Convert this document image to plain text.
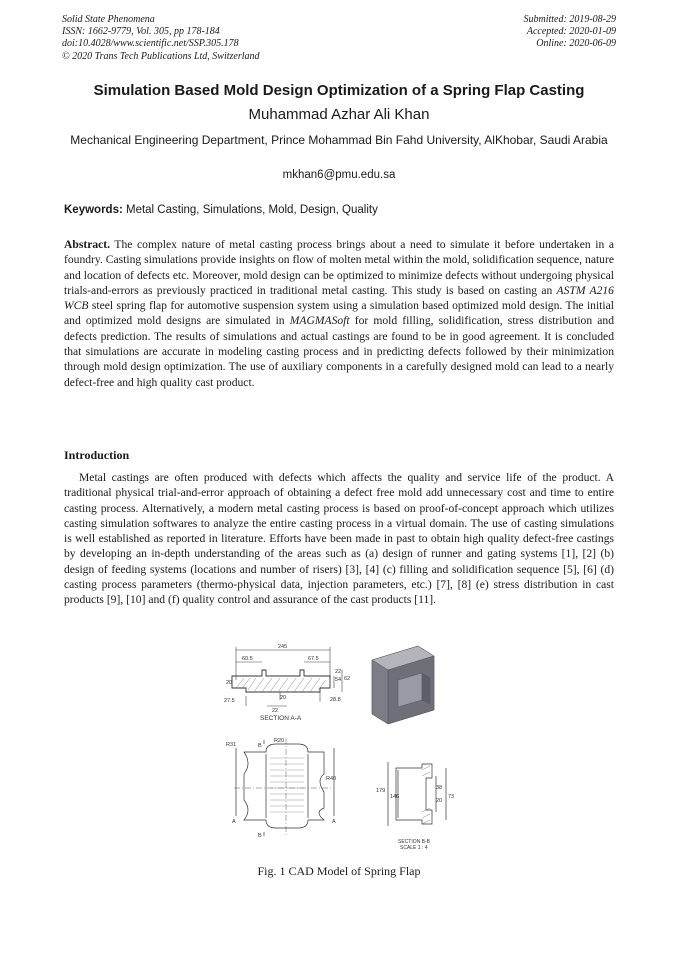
Solid State Phenomena
ISSN: 1662-9779, Vol. 305, pp 178-184
doi:10.4028/www.scientific.net/SSP.305.178
© 2020 Trans Tech Publications Ltd, Switzerland
Submitted: 2019-08-29
Accepted: 2020-01-09
Online: 2020-06-09
Simulation Based Mold Design Optimization of a Spring Flap Casting
Muhammad Azhar Ali Khan
Mechanical Engineering Department, Prince Mohammad Bin Fahd University, AlKhobar, Saudi Arabia
mkhan6@pmu.edu.sa
Keywords: Metal Casting, Simulations, Mold, Design, Quality
Abstract. The complex nature of metal casting process brings about a need to simulate it before undertaken in a foundry. Casting simulations provide insights on flow of molten metal within the mold, solidification sequence, nature and location of defects etc. Moreover, mold design can be optimized to minimize defects without undergoing physical trials-and-errors as previously practiced in traditional metal casting. This study is based on casting an ASTM A216 WCB steel spring flap for automotive suspension system using a simulation based optimized mold design. The initial and optimized mold designs are simulated in MAGMASoft for mold filling, solidification, stress distribution and defects prediction. The results of simulations and actual castings are found to be in good agreement. It is concluded that simulations are accurate in modeling casting process and in predicting defects followed by their minimization through mold design optimization. The use of auxiliary components in a carefully designed mold can lead to a nearly defect-free and high quality cast product.
Introduction
Metal castings are often produced with defects which affects the quality and service life of the product. A traditional physical trial-and-error approach of obtaining a defect free mold add unnecessary cost and time to entire casting process. Alternatively, a modern metal casting process is based on proof-of-concept approach which utilizes casting simulation softwares to analyze the entire casting process in a virtual domain. The use of casting simulations is well established as reported in literature. Efforts have been made in past to obtain high quality defect-free castings by developing an in-depth understanding of the areas such as (a) design of runner and gating systems [1], [2] (b) design of feeding systems (locations and number of risers) [3], [4] (c) filling and solidification sequence [5], [6] (d) casting process parameters (thermo-physical data, injection parameters, etc.) [7], [8] (e) stress distribution in cast products [9], [10] and (f) quality control and assurance of the cast products [11].
245
60.5	67.5
20
22
54 62
20
27.5	28.8
22
SECTION A-A
R31
R20
R40
B
B
A	A
179
146
38
20
73
SECTION B-B
SCALE 1 : 4
Fig. 1 CAD Model of Spring Flap
